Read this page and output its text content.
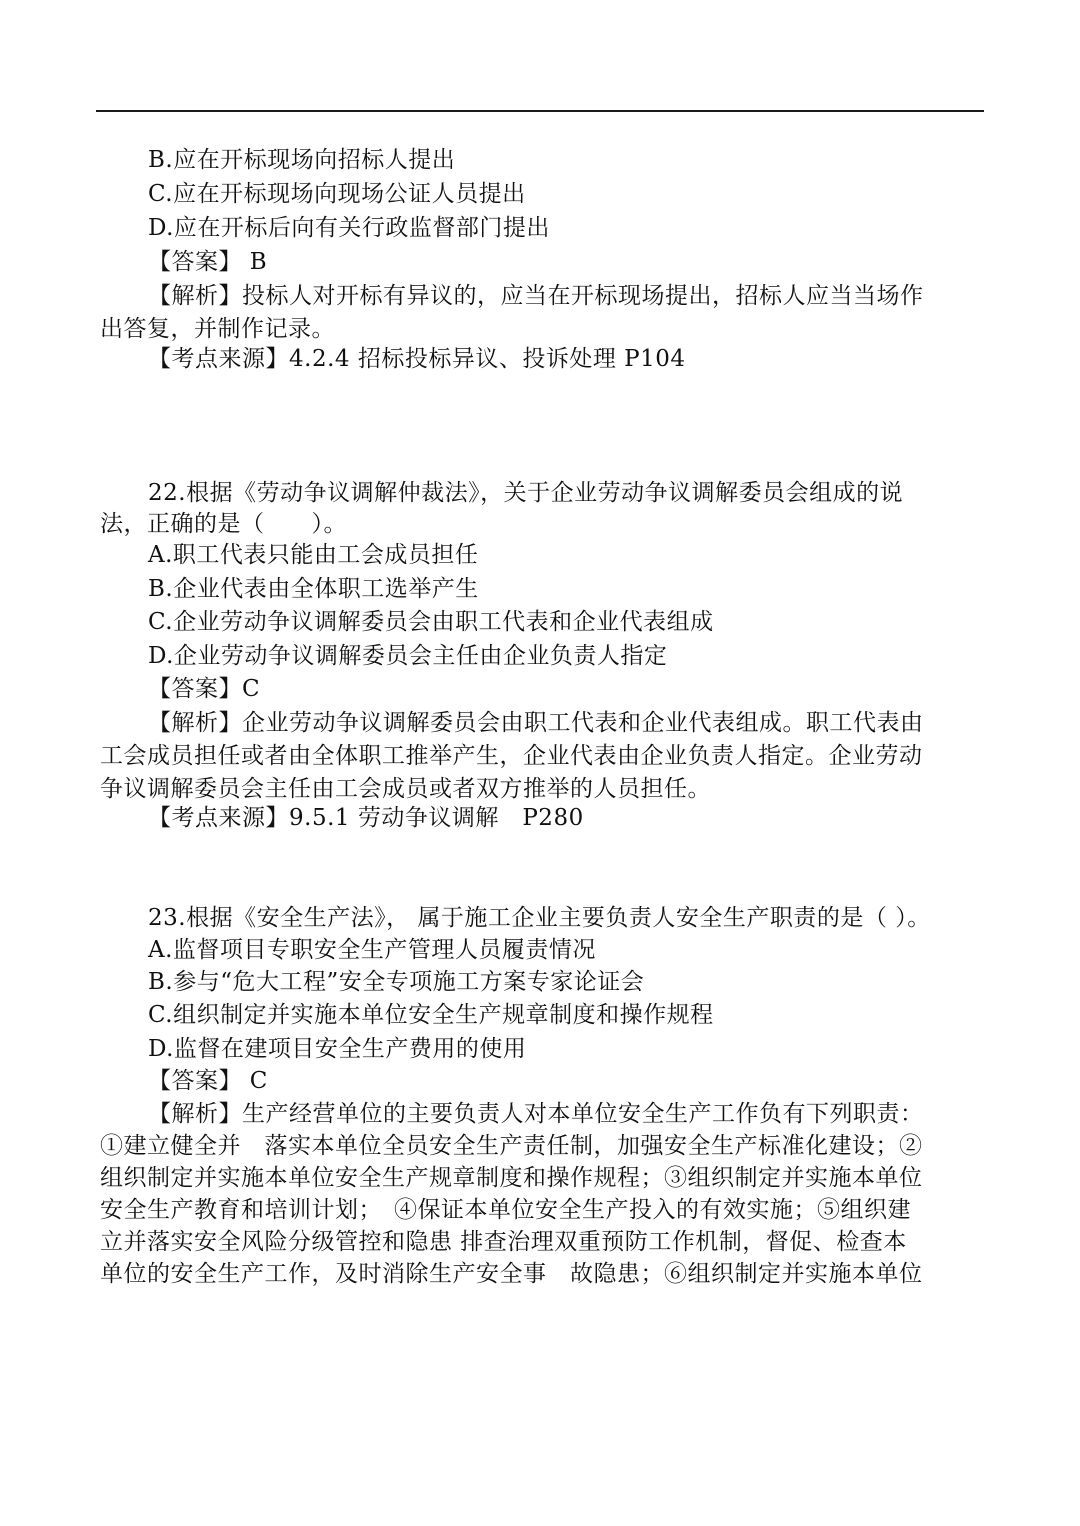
B.应在开标现场向招标人提出
C.应在开标现场向现场公证人员提出
D.应在开标后向有关行政监督部门提出
【答案】 B
【解析】投标人对开标有异议的，应当在开标现场提出，招标人应当当场作
出答复，并制作记录。
【考点来源】4.2.4 招标投标异议、投诉处理 P104
22.根据《劳动争议调解仲裁法》，关于企业劳动争议调解委员会组成的说
法，正确的是（　　）。
A.职工代表只能由工会成员担任
B.企业代表由全体职工选举产生
C.企业劳动争议调解委员会由职工代表和企业代表组成
D.企业劳动争议调解委员会主任由企业负责人指定
【答案】C
【解析】企业劳动争议调解委员会由职工代表和企业代表组成。职工代表由
工会成员担任或者由全体职工推举产生，企业代表由企业负责人指定。企业劳动
争议调解委员会主任由工会成员或者双方推举的人员担任。
【考点来源】9.5.1 劳动争议调解　P280
23.根据《安全生产法》， 属于施工企业主要负责人安全生产职责的是（ ）。
A.监督项目专职安全生产管理人员履责情况
B.参与“危大工程”安全专项施工方案专家论证会
C.组织制定并实施本单位安全生产规章制度和操作规程
D.监督在建项目安全生产费用的使用
【答案】 C
【解析】生产经营单位的主要负责人对本单位安全生产工作负有下列职责：
①建立健全并　落实本单位全员安全生产责任制，加强安全生产标准化建设；②
组织制定并实施本单位安全生产规章制度和操作规程；③组织制定并实施本单位
安全生产教育和培训计划；　④保证本单位安全生产投入的有效实施；⑤组织建
立并落实安全风险分级管控和隐患 排查治理双重预防工作机制，督促、检查本
单位的安全生产工作，及时消除生产安全事　故隐患；⑥组织制定并实施本单位
